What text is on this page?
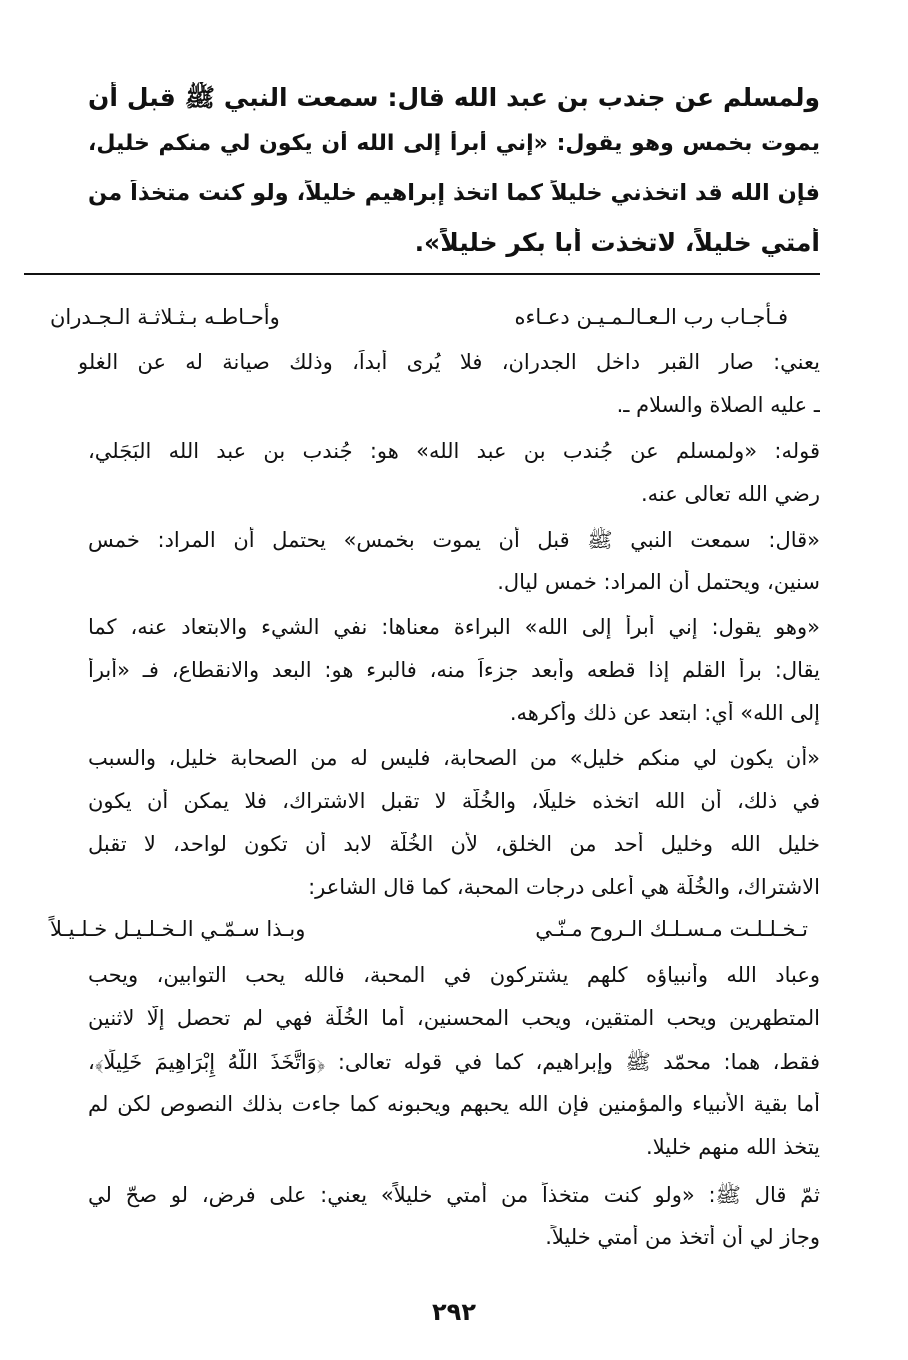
ولمسلم عن جندب بن عبد الله قال: سمعت النبي ﷺ قبل أن
يموت بخمس وهو يقول: «إني أبرأ إلى الله أن يكون لي منكم خليل،
فإن الله قد اتخذني خليلاً كما اتخذ إبراهيم خليلاً، ولو كنت متخذاً من
أمتي خليلاً، لاتخذت أبا بكر خليلاً».
فـأجـاب رب الـعـالـمـيـن دعـاءه
وأحـاطـه بـثـلاثـة الـجـدران
يعني: صار القبر داخل الجدران، فلا يُرى أبداً، وذلك صيانة له عن الغلو
ـ عليه الصلاة والسلام ـ.
قوله: «ولمسلم عن جُندب بن عبد الله» هو: جُندب بن عبد الله البَجَلي،
رضي الله تعالى عنه.
«قال: سمعت النبي ﷺ قبل أن يموت بخمس» يحتمل أن المراد: خمس
سنين، ويحتمل أن المراد: خمس ليال.
«وهو يقول: إني أبرأ إلى الله» البراءة معناها: نفي الشيء والابتعاد عنه، كما
يقال: برأ القلم إذا قطعه وأبعد جزءاً منه، فالبرء هو: البعد والانقطاع، فـ «أبرأ
إلى الله» أي: ابتعد عن ذلك وأكرهه.
«أن يكون لي منكم خليل» من الصحابة، فليس له من الصحابة خليل، والسبب
في ذلك، أن الله اتخذه خليلًا، والخُلّة لا تقبل الاشتراك، فلا يمكن أن يكون
خليل الله وخليل أحد من الخلق، لأن الخُلّة لابد أن تكون لواحد، لا تقبل
الاشتراك، والخُلّة هي أعلى درجات المحبة، كما قال الشاعر:
تـخـلـلـت مـسـلـك الـروح مـنّـي
وبـذا سـمّـي الـخـلـيـل خـلـيـلاً
وعباد الله وأنبياؤه كلهم يشتركون في المحبة، فالله يحب التوابين، ويحب
المتطهرين ويحب المتقين، ويحب المحسنين، أما الخُلّة فهي لم تحصل إلّا لاثنين
فقط، هما: محمّد ﷺ وإبراهيم، كما في قوله تعالى: ﴿وَاتَّخَذَ اللَّهُ إِبْرَاهِيمَ خَلِيلًا﴾،
أما بقية الأنبياء والمؤمنين فإن الله يحبهم ويحبونه كما جاءت بذلك النصوص لكن لم
يتخذ الله منهم خليلا.
ثمّ قال ﷺ: «ولو كنت متخذاً من أمتي خليلاً» يعني: على فرض، لو صحّ لي
وجاز لي أن أتخذ من أمتي خليلاً.
٢٩٢
